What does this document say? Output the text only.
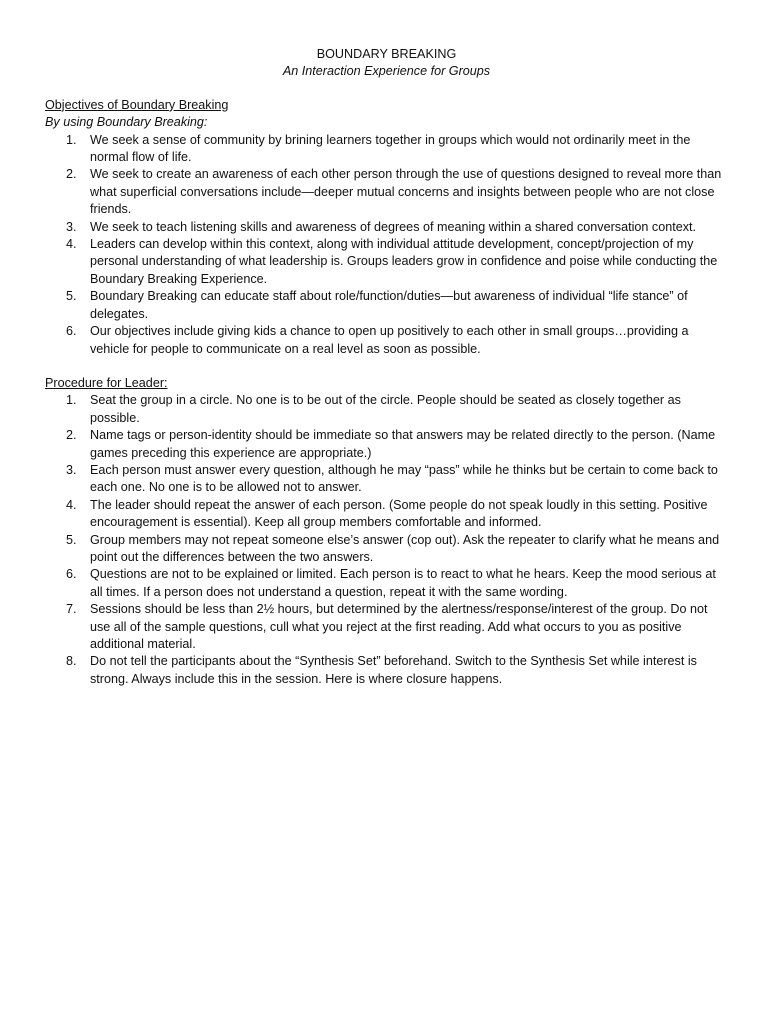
BOUNDARY BREAKING
An Interaction Experience for Groups
Objectives of Boundary Breaking
By using Boundary Breaking:
1. We seek a sense of community by brining learners together in groups which would not ordinarily meet in the normal flow of life.
2. We seek to create an awareness of each other person through the use of questions designed to reveal more than what superficial conversations include—deeper mutual concerns and insights between people who are not close friends.
3. We seek to teach listening skills and awareness of degrees of meaning within a shared conversation context.
4. Leaders can develop within this context, along with individual attitude development, concept/projection of my personal understanding of what leadership is. Groups leaders grow in confidence and poise while conducting the Boundary Breaking Experience.
5. Boundary Breaking can educate staff about role/function/duties—but awareness of individual “life stance” of delegates.
6. Our objectives include giving kids a chance to open up positively to each other in small groups…providing a vehicle for people to communicate on a real level as soon as possible.
Procedure for Leader:
1. Seat the group in a circle. No one is to be out of the circle. People should be seated as closely together as possible.
2. Name tags or person-identity should be immediate so that answers may be related directly to the person. (Name games preceding this experience are appropriate.)
3. Each person must answer every question, although he may “pass” while he thinks but be certain to come back to each one. No one is to be allowed not to answer.
4. The leader should repeat the answer of each person. (Some people do not speak loudly in this setting. Positive encouragement is essential). Keep all group members comfortable and informed.
5. Group members may not repeat someone else’s answer (cop out). Ask the repeater to clarify what he means and point out the differences between the two answers.
6. Questions are not to be explained or limited. Each person is to react to what he hears. Keep the mood serious at all times. If a person does not understand a question, repeat it with the same wording.
7. Sessions should be less than 2½ hours, but determined by the alertness/response/interest of the group. Do not use all of the sample questions, cull what you reject at the first reading. Add what occurs to you as positive additional material.
8. Do not tell the participants about the “Synthesis Set” beforehand. Switch to the Synthesis Set while interest is strong. Always include this in the session. Here is where closure happens.
